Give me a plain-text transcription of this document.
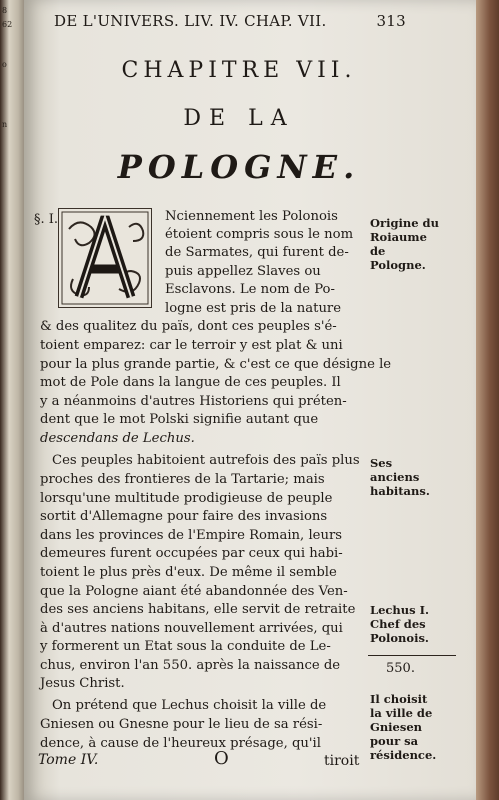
8
62
o
n
DE L'UNIVERS. LIV. IV. CHAP. VII.	313
CHAPITRE VII.
DE LA
POLOGNE.
§. I.	Nciennement les Polonois
étoient compris sous le nom
de Sarmates, qui furent de-
puis appellez Slaves ou
Esclavons. Le nom de Po-
logne est pris de la nature
& des qualitez du païs, dont ces peuples s'é-
toient emparez: car le terroir y est plat & uni
pour la plus grande partie, & c'est ce que désigne le
mot de Pole dans la langue de ces peuples. Il
y a néanmoins d'autres Historiens qui préten-
dent que le mot Polski signifie autant que
descendans de Lechus.
Ces peuples habitoient autrefois des païs plus
proches des frontieres de la Tartarie; mais
lorsqu'une multitude prodigieuse de peuple
sortit d'Allemagne pour faire des invasions
dans les provinces de l'Empire Romain, leurs
demeures furent occupées par ceux qui habi-
toient le plus près d'eux. De même il semble
que la Pologne aiant été abandonnée des Ven-
des ses anciens habitans, elle servit de retraite
à d'autres nations nouvellement arrivées, qui
y formerent un Etat sous la conduite de Le-
chus, environ l'an 550. après la naissance de
Jesus Christ.
On prétend que Lechus choisit la ville de
Gniesen ou Gnesne pour le lieu de sa rési-
dence, à cause de l'heureux présage, qu'il
Origine du Roiaume de Pologne.
Ses anciens habitans.
Lechus I. Chef des Polonois.
550.
Il choisit la ville de Gniesen pour sa résidence.
Tome IV.	O	tiroit
